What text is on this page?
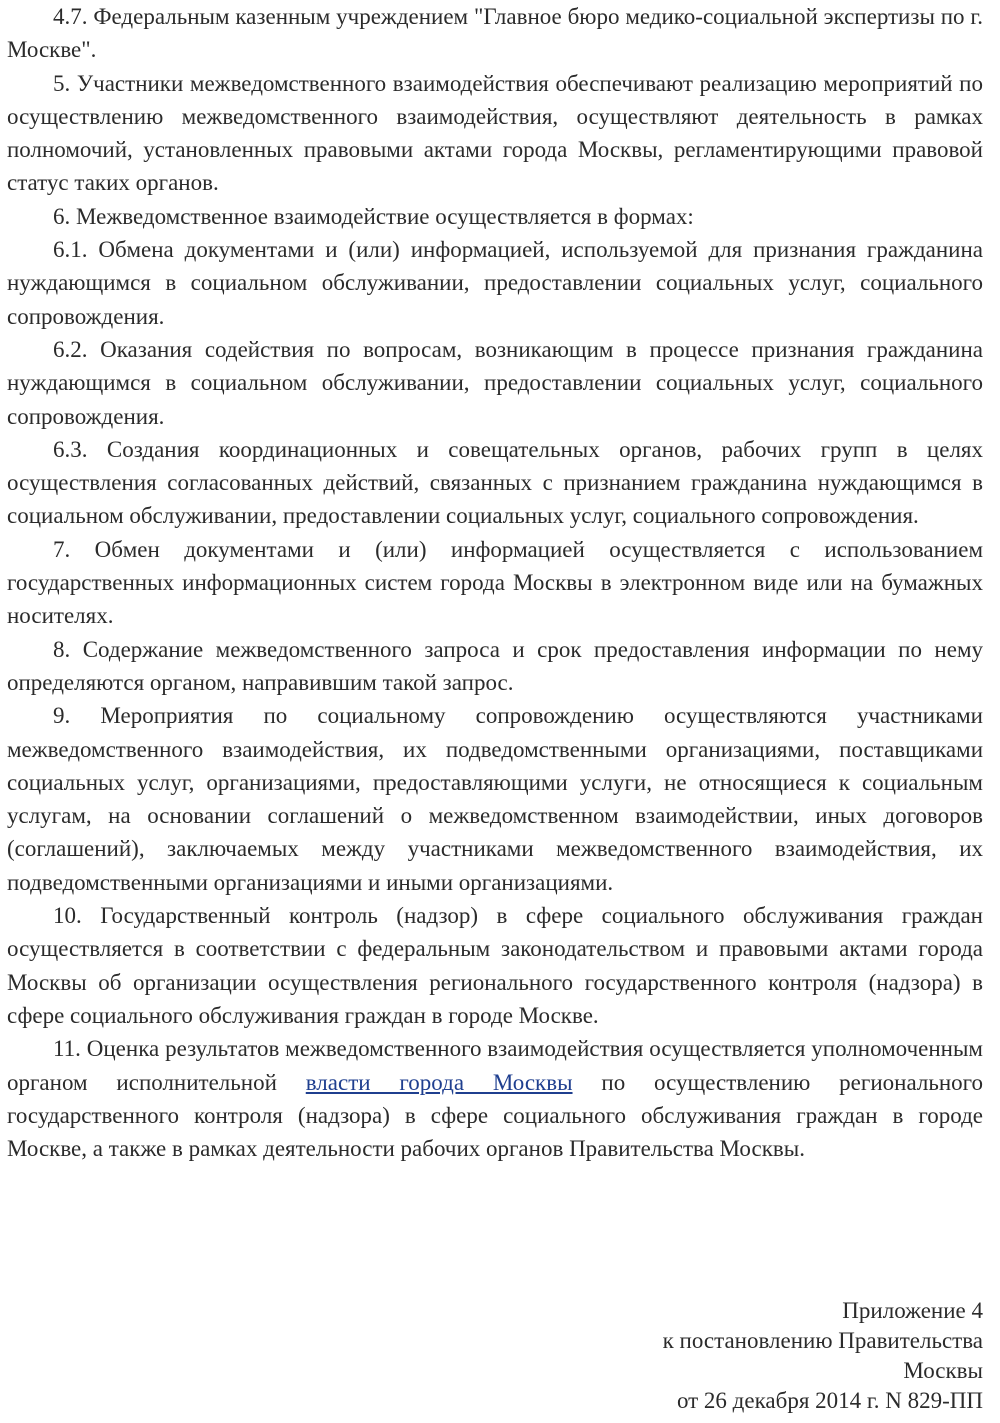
4.7. Федеральным казенным учреждением "Главное бюро медико-социальной экспертизы по г. Москве".

5. Участники межведомственного взаимодействия обеспечивают реализацию мероприятий по осуществлению межведомственного взаимодействия, осуществляют деятельность в рамках полномочий, установленных правовыми актами города Москвы, регламентирующими правовой статус таких органов.

6. Межведомственное взаимодействие осуществляется в формах:

6.1. Обмена документами и (или) информацией, используемой для признания гражданина нуждающимся в социальном обслуживании, предоставлении социальных услуг, социального сопровождения.

6.2. Оказания содействия по вопросам, возникающим в процессе признания гражданина нуждающимся в социальном обслуживании, предоставлении социальных услуг, социального сопровождения.

6.3. Создания координационных и совещательных органов, рабочих групп в целях осуществления согласованных действий, связанных с признанием гражданина нуждающимся в социальном обслуживании, предоставлении социальных услуг, социального сопровождения.

7. Обмен документами и (или) информацией осуществляется с использованием государственных информационных систем города Москвы в электронном виде или на бумажных носителях.

8. Содержание межведомственного запроса и срок предоставления информации по нему определяются органом, направившим такой запрос.

9. Мероприятия по социальному сопровождению осуществляются участниками межведомственного взаимодействия, их подведомственными организациями, поставщиками социальных услуг, организациями, предоставляющими услуги, не относящиеся к социальным услугам, на основании соглашений о межведомственном взаимодействии, иных договоров (соглашений), заключаемых между участниками межведомственного взаимодействия, их подведомственными организациями и иными организациями.

10. Государственный контроль (надзор) в сфере социального обслуживания граждан осуществляется в соответствии с федеральным законодательством и правовыми актами города Москвы об организации осуществления регионального государственного контроля (надзора) в сфере социального обслуживания граждан в городе Москве.

11. Оценка результатов межведомственного взаимодействия осуществляется уполномоченным органом исполнительной власти города Москвы по осуществлению регионального государственного контроля (надзора) в сфере социального обслуживания граждан в городе Москве, а также в рамках деятельности рабочих органов Правительства Москвы.

Приложение 4
к постановлению Правительства
Москвы
от 26 декабря 2014 г. N 829-ПП
